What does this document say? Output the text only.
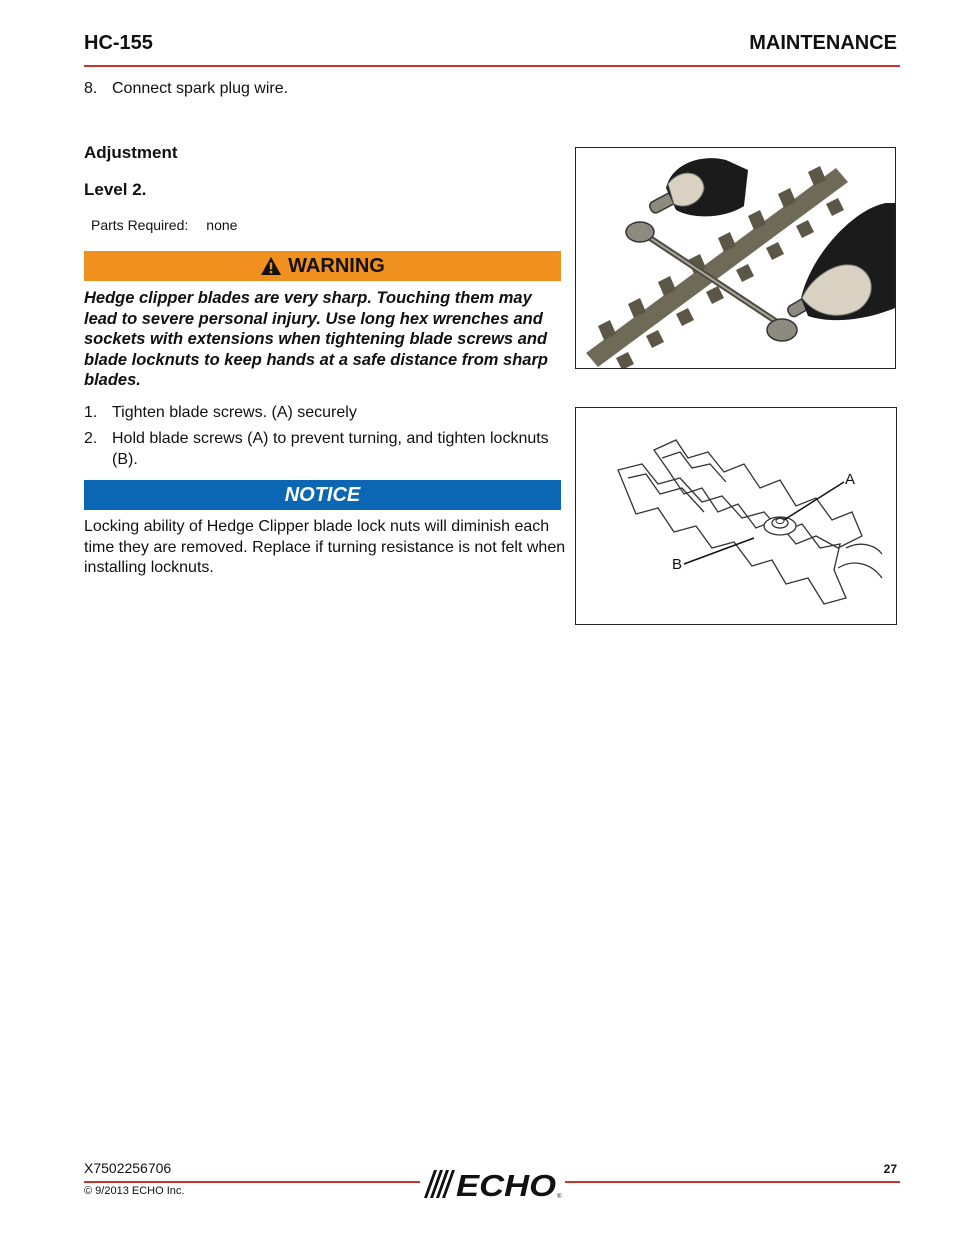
HC-155	MAINTENANCE
8. Connect spark plug wire.
Adjustment
Level 2.
Parts Required: none
WARNING
Hedge clipper blades are very sharp. Touching them may lead to severe personal injury. Use long hex wrenches and sockets with extensions when tightening blade screws and blade locknuts to keep hands at a safe distance from sharp blades.
1. Tighten blade screws. (A) securely
2. Hold blade screws (A) to prevent turning, and tighten locknuts (B).
NOTICE
Locking ability of Hedge Clipper blade lock nuts will diminish each time they are removed. Replace if turning resistance is not felt when installing locknuts.
A
B
X7502256706	27
© 9/2013 ECHO Inc.	ECHO ®
